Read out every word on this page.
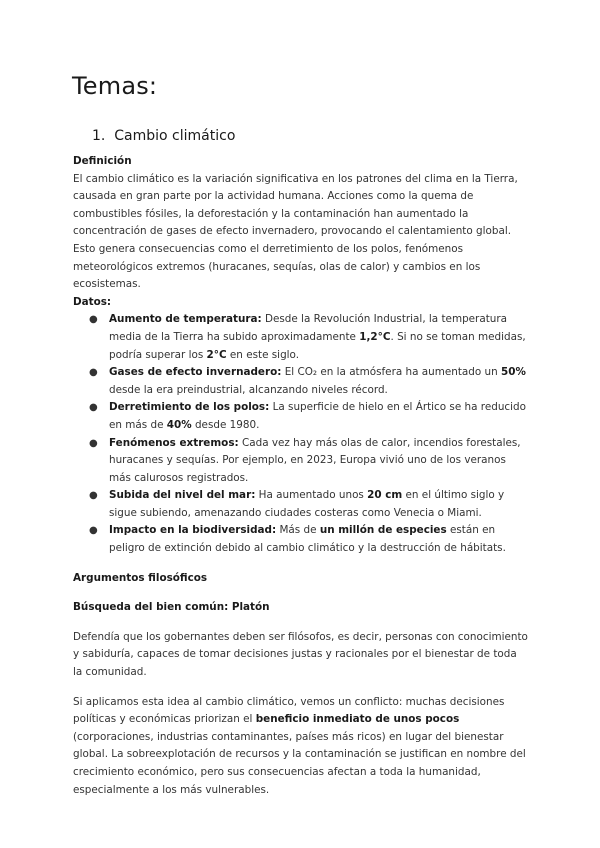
Temas:
1. Cambio climático

Definición

El cambio climático es la variación significativa en los patrones del clima en la Tierra, causada en gran parte por la actividad humana. Acciones como la quema de combustibles fósiles, la deforestación y la contaminación han aumentado la concentración de gases de efecto invernadero, provocando el calentamiento global. Esto genera consecuencias como el derretimiento de los polos, fenómenos meteorológicos extremos (huracanes, sequías, olas de calor) y cambios en los ecosistemas.

Datos:

● Aumento de temperatura: Desde la Revolución Industrial, la temperatura media de la Tierra ha subido aproximadamente 1,2°C. Si no se toman medidas, podría superar los 2°C en este siglo.
● Gases de efecto invernadero: El CO₂ en la atmósfera ha aumentado un 50% desde la era preindustrial, alcanzando niveles récord.
● Derretimiento de los polos: La superficie de hielo en el Ártico se ha reducido en más de 40% desde 1980.
● Fenómenos extremos: Cada vez hay más olas de calor, incendios forestales, huracanes y sequías. Por ejemplo, en 2023, Europa vivió uno de los veranos más calurosos registrados.
● Subida del nivel del mar: Ha aumentado unos 20 cm en el último siglo y sigue subiendo, amenazando ciudades costeras como Venecia o Miami.
● Impacto en la biodiversidad: Más de un millón de especies están en peligro de extinción debido al cambio climático y la destrucción de hábitats.

Argumentos filosóficos

Búsqueda del bien común: Platón

Defendía que los gobernantes deben ser filósofos, es decir, personas con conocimiento y sabiduría, capaces de tomar decisiones justas y racionales por el bienestar de toda la comunidad.

Si aplicamos esta idea al cambio climático, vemos un conflicto: muchas decisiones políticas y económicas priorizan el beneficio inmediato de unos pocos (corporaciones, industrias contaminantes, países más ricos) en lugar del bienestar global. La sobreexplotación de recursos y la contaminación se justifican en nombre del crecimiento económico, pero sus consecuencias afectan a toda la humanidad, especialmente a los más vulnerables.
